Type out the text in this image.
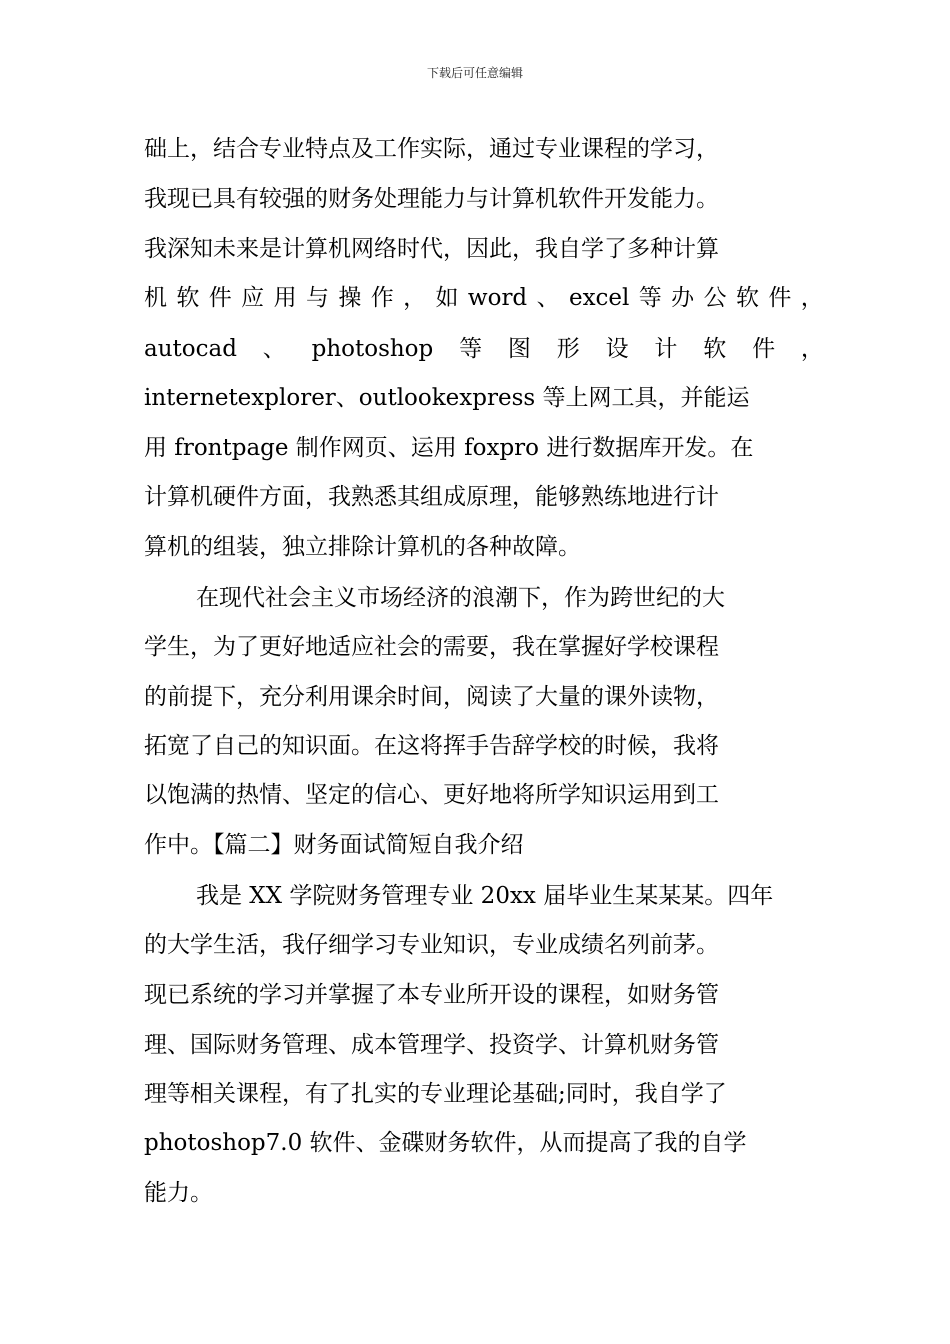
下载后可任意编辑
础上，结合专业特点及工作实际，通过专业课程的学习，
我现已具有较强的财务处理能力与计算机软件开发能力。
我深知未来是计算机网络时代，因此，我自学了多种计算
机 软 件 应 用 与 操 作 ， 如 word 、 excel 等 办 公 软 件 ，
autocad 、 photoshop 等 图 形 设 计 软 件 ，
internetexplorer、outlookexpress 等上网工具，并能运
用 frontpage 制作网页、运用 foxpro 进行数据库开发。在
计算机硬件方面，我熟悉其组成原理，能够熟练地进行计
算机的组装，独立排除计算机的各种故障。
在现代社会主义市场经济的浪潮下，作为跨世纪的大
学生，为了更好地适应社会的需要，我在掌握好学校课程
的前提下，充分利用课余时间，阅读了大量的课外读物，
拓宽了自己的知识面。在这将挥手告辞学校的时候，我将
以饱满的热情、坚定的信心、更好地将所学知识运用到工
作中。【篇二】财务面试简短自我介绍
我是 XX 学院财务管理专业 20xx 届毕业生某某某。四年
的大学生活，我仔细学习专业知识，专业成绩名列前茅。
现已系统的学习并掌握了本专业所开设的课程，如财务管
理、国际财务管理、成本管理学、投资学、计算机财务管
理等相关课程，有了扎实的专业理论基础;同时，我自学了
photoshop7.0 软件、金碟财务软件，从而提高了我的自学
能力。
